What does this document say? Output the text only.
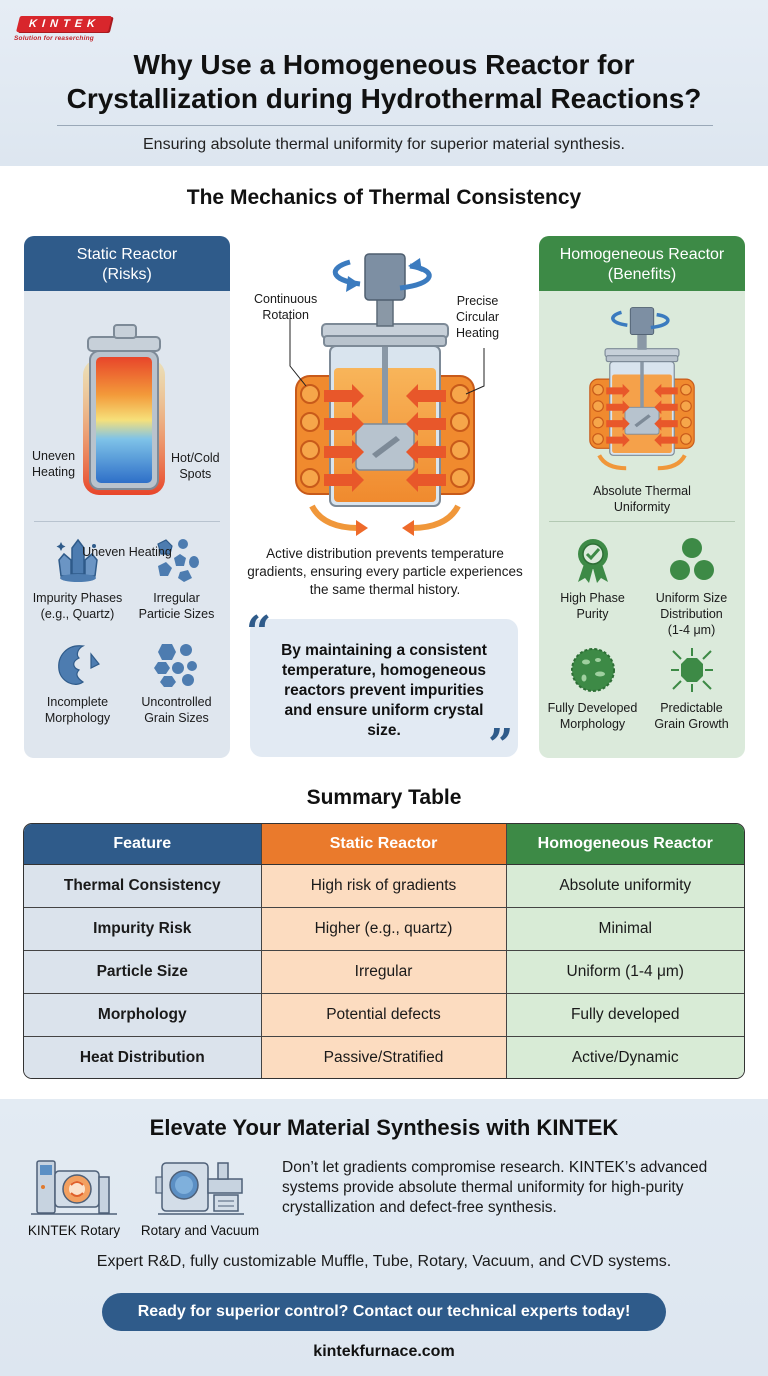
KINTEK
Solution for reaserching
Why Use a Homogeneous Reactor for
Crystallization during Hydrothermal Reactions?
Ensuring absolute thermal uniformity for superior material synthesis.
The Mechanics of Thermal Consistency
Static Reactor
(Risks)
Uneven
Heating
Hot/Cold
Spots
Uneven Heating
Impurity Phases
(e.g., Quartz)
Irregular
Particie Sizes
Incomplete
Morphology
Uncontrolled
Grain Sizes
Continuous
Rotation
Precise
Circular
Heating
Active distribution prevents temperature gradients, ensuring every particle experiences the same thermal history.
By maintaining a consistent temperature, homogeneous reactors prevent impurities and ensure uniform crystal size.
“
”
Homogeneous Reactor
(Benefits)
Absolute Thermal
Uniformity
High Phase
Purity
Uniform Size
Distribution
(1-4 μm)
Fully Developed
Morphology
Predictable
Grain Growth
Summary Table
Feature	Static Reactor	Homogeneous Reactor
Thermal Consistency	High risk of gradients	Absolute uniformity
Impurity Risk	Higher (e.g., quartz)	Minimal
Particle Size	Irregular	Uniform (1-4 μm)
Morphology	Potential defects	Fully developed
Heat Distribution	Passive/Stratified	Active/Dynamic
Elevate Your Material Synthesis with KINTEK
KINTEK Rotary	Rotary and Vacuum
Don’t let gradients compromise research. KINTEK’s advanced systems provide absolute thermal uniformity for high-purity crystallization and defect-free synthesis.
Expert R&D, fully customizable Muffle, Tube, Rotary, Vacuum, and CVD systems.
Ready for superior control? Contact our technical experts today!
kintekfurnace.com
